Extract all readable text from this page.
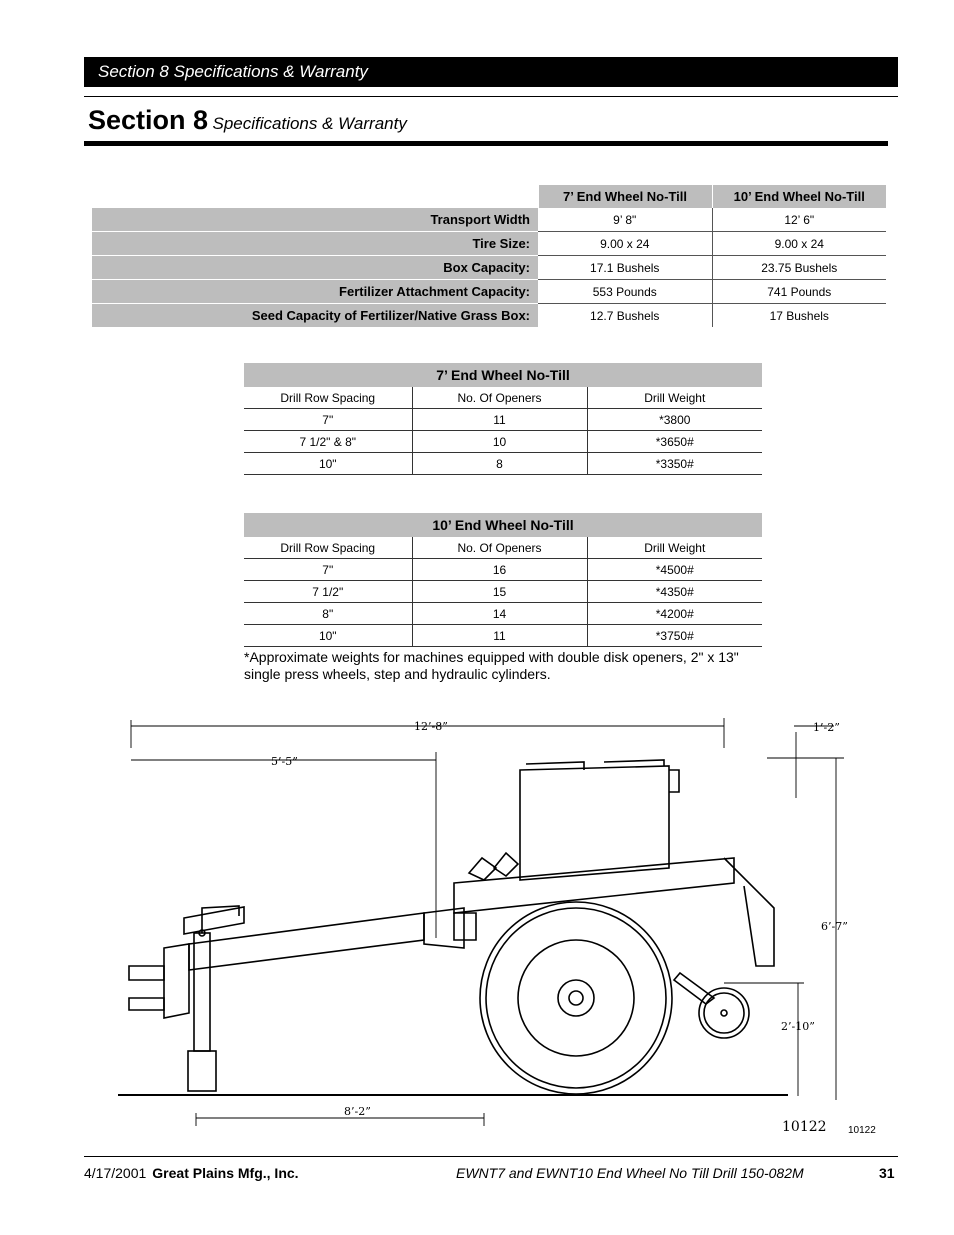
Section 8 Specifications & Warranty
Section 8 Specifications & Warranty
	7’ End Wheel No-Till	10’ End Wheel No-Till
Transport Width	9’ 8"	12’ 6"
Tire Size:	9.00 x 24	9.00 x 24
Box Capacity:	17.1 Bushels	23.75 Bushels
Fertilizer Attachment Capacity:	553 Pounds	741 Pounds
Seed Capacity of Fertilizer/Native Grass Box:	12.7 Bushels	17 Bushels
7’ End Wheel No-Till		
Drill Row Spacing	No. Of Openers	Drill Weight
7"	11	*3800
7 1/2" & 8"	10	*3650#
10"	8	*3350#
10’ End Wheel No-Till		
Drill Row Spacing	No. Of Openers	Drill Weight
7"	16	*4500#
7 1/2"	15	*4350#
8"	14	*4200#
10"	11	*3750#
*Approximate weights for machines equipped with double disk openers, 2" x 13" single press wheels, step and hydraulic cylinders.
12’-8”
5’-5”
1’-2”
6’-7”
2’-10”
8’-2”
10122 10122
4/17/2001 Great Plains Mfg., Inc.	EWNT7 and EWNT10 End Wheel No Till Drill 150-082M	31
